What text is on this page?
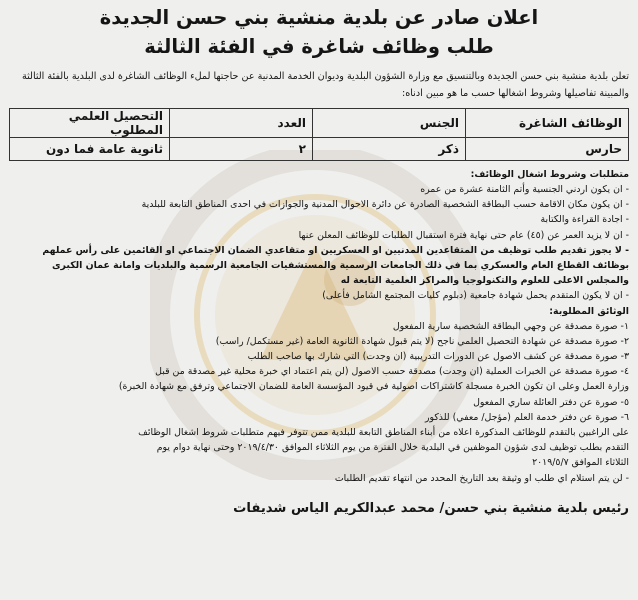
اعلان صادر عن بلدية منشية بني حسن الجديدة
طلب وظائف شاغرة في الفئة الثالثة

تعلن بلدية منشية بني حسن الجديدة وبالتنسيق مع وزارة الشؤون البلدية وديوان الخدمة المدنية عن حاجتها لملء الوظائف الشاغرة لدى البلدية بالفئة الثالثة والمبينة تفاصيلها وشروط اشغالها حسب ما هو مبين ادناه:

الوظائف الشاغرة	الجنس	العدد	التحصيل العلمي المطلوب
حارس	ذكر	٢	ثانوية عامة فما دون
متطلبات وشروط اشغال الوظائف:
- ان يكون اردني الجنسية وأتم الثامنة عشرة من عمره
- ان يكون مكان الاقامة حسب البطاقة الشخصية الصادرة عن دائرة الاحوال المدنية والجوازات في احدى المناطق التابعة للبلدية
- اجادة القراءة والكتابة
- ان لا يزيد العمر عن (٤٥) عام حتى نهاية فترة استقبال الطلبات للوظائف المعلن عنها
- لا يجوز تقديم طلب توظيف من المتقاعدين المدنيين او العسكريين او متقاعدي الضمان الاجتماعي او القائمين على رأس عملهم
بوظائف القطاع العام والعسكري بما في ذلك الجامعات الرسمية والمستشفيات الجامعية الرسمية والبلديات وامانة عمان الكبرى
والمجلس الاعلى للعلوم والتكنولوجيا والمراكز العلمية التابعة له
- ان لا يكون المتقدم يحمل شهادة جامعية (دبلوم كليات المجتمع الشامل فأعلى)
الوثائق المطلوبة:
١- صورة مصدقة عن وجهي البطاقة الشخصية سارية المفعول
٢- صورة مصدقة عن شهادة التحصيل العلمي ناجح (لا يتم قبول شهادة الثانوية العامة (غير مستكمل/ راسب)
٣- صورة مصدقة عن كشف الاصول عن الدورات التدريبية (ان وجدت) التي شارك بها صاحب الطلب
٤- صورة مصدقة عن الخبرات العملية (ان وجدت) مصدقة حسب الاصول (لن يتم اعتماد اي خبرة محلية غير مصدقة من قبل
وزارة العمل وعلى ان تكون الخبرة مسجلة كاشتراكات اصولية في قيود المؤسسة العامة للضمان الاجتماعي وترفق مع شهادة الخبرة)
٥- صورة عن دفتر العائلة ساري المفعول
٦- صورة عن دفتر خدمة العلم (مؤجل/ معفي) للذكور

على الراغبين بالتقدم للوظائف المذكورة اعلاه من أبناء المناطق التابعة للبلدية ممن تتوفر فيهم متطلبات شروط اشغال الوظائف

التقدم بطلب توظيف لدى شؤون الموظفين في البلدية خلال الفترة من يوم الثلاثاء الموافق ٢٠١٩/٤/٣٠ وحتى نهاية دوام يوم

الثلاثاء الموافق ٢٠١٩/٥/٧

- لن يتم استلام اي طلب او وثيقة بعد التاريخ المحدد من انتهاء تقديم الطلبات

رئيس بلدية منشية بني حسن/ محمد عبدالكريم الياس شديفات
